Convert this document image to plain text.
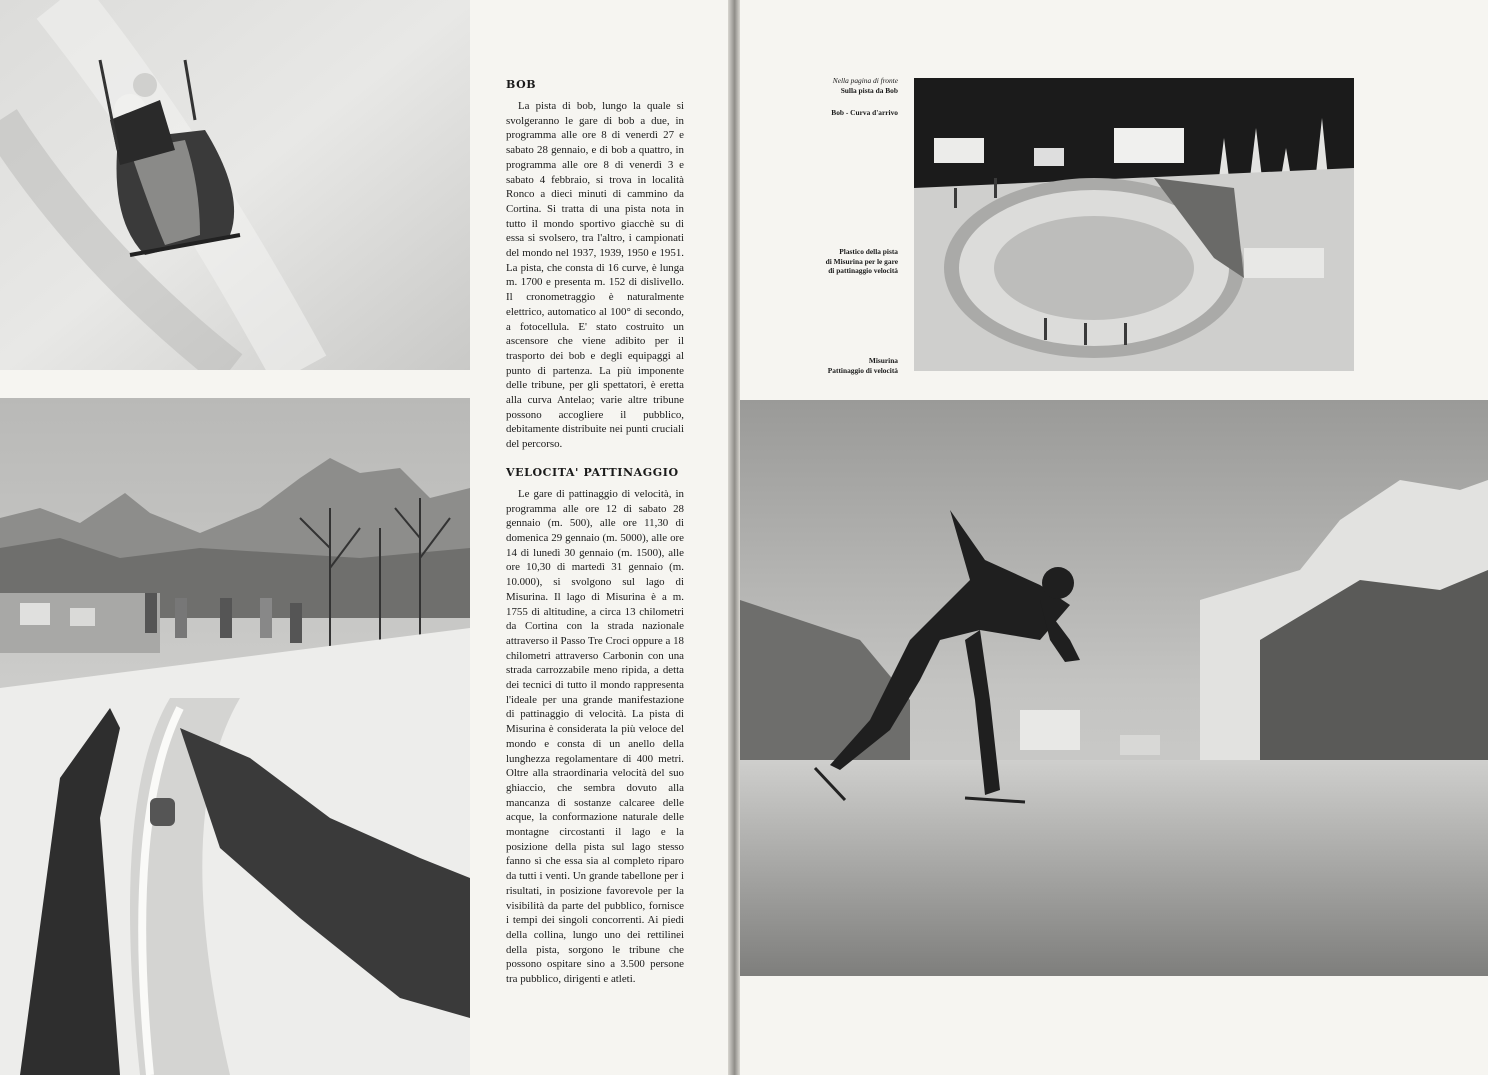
BOB

La pista di bob, lungo la quale si svolgeranno le gare di bob a due, in programma alle ore 8 di venerdì 27 e sabato 28 gennaio, e di bob a quattro, in programma alle ore 8 di venerdì 3 e sabato 4 febbraio, si trova in località Ronco a dieci minuti di cammino da Cortina. Si tratta di una pista nota in tutto il mondo sportivo giacchè su di essa si svolsero, tra l'altro, i campionati del mondo nel 1937, 1939, 1950 e 1951. La pista, che consta di 16 curve, è lunga m. 1700 e presenta m. 152 di dislivello. Il cronometraggio è naturalmente elettrico, automatico al 100° di secondo, a fotocellula. E' stato costruito un ascensore che viene adibito per il trasporto dei bob e degli equipaggi al punto di partenza. La più imponente delle tribune, per gli spettatori, è eretta alla curva Antelao; varie altre tribune possono accogliere il pubblico, debitamente distribuite nei punti cruciali del percorso.

VELOCITA' PATTINAGGIO

Le gare di pattinaggio di velocità, in programma alle ore 12 di sabato 28 gennaio (m. 500), alle ore 11,30 di domenica 29 gennaio (m. 5000), alle ore 14 di lunedì 30 gennaio (m. 1500), alle ore 10,30 di martedì 31 gennaio (m. 10.000), si svolgono sul lago di Misurina. Il lago di Misurina è a m. 1755 di altitudine, a circa 13 chilometri da Cortina con la strada nazionale attraverso il Passo Tre Croci oppure a 18 chilometri attraverso Carbonin con una strada carrozzabile meno ripida, a detta dei tecnici di tutto il mondo rappresenta l'ideale per una grande manifestazione di pattinaggio di velocità. La pista di Misurina è considerata la più veloce del mondo e consta di un anello della lunghezza regolamentare di 400 metri. Oltre alla straordinaria velocità del suo ghiaccio, che sembra dovuto alla mancanza di sostanze calcaree delle acque, la conformazione naturale delle montagne circostanti il lago e la posizione della pista sul lago stesso fanno sì che essa sia al completo riparo da tutti i venti. Un grande tabellone per i risultati, in posizione favorevole per la visibilità da parte del pubblico, fornisce i tempi dei singoli concorrenti. Ai piedi della collina, lungo uno dei rettilinei della pista, sorgono le tribune che possono ospitare sino a 3.500 persone tra pubblico, dirigenti e atleti.

Nella pagina di fronte
Sulla pista da Bob
Bob - Curva d'arrivo
Plastico della pista
di Misurina per le gare
di pattinaggio velocità
Misurina
Pattinaggio di velocità
